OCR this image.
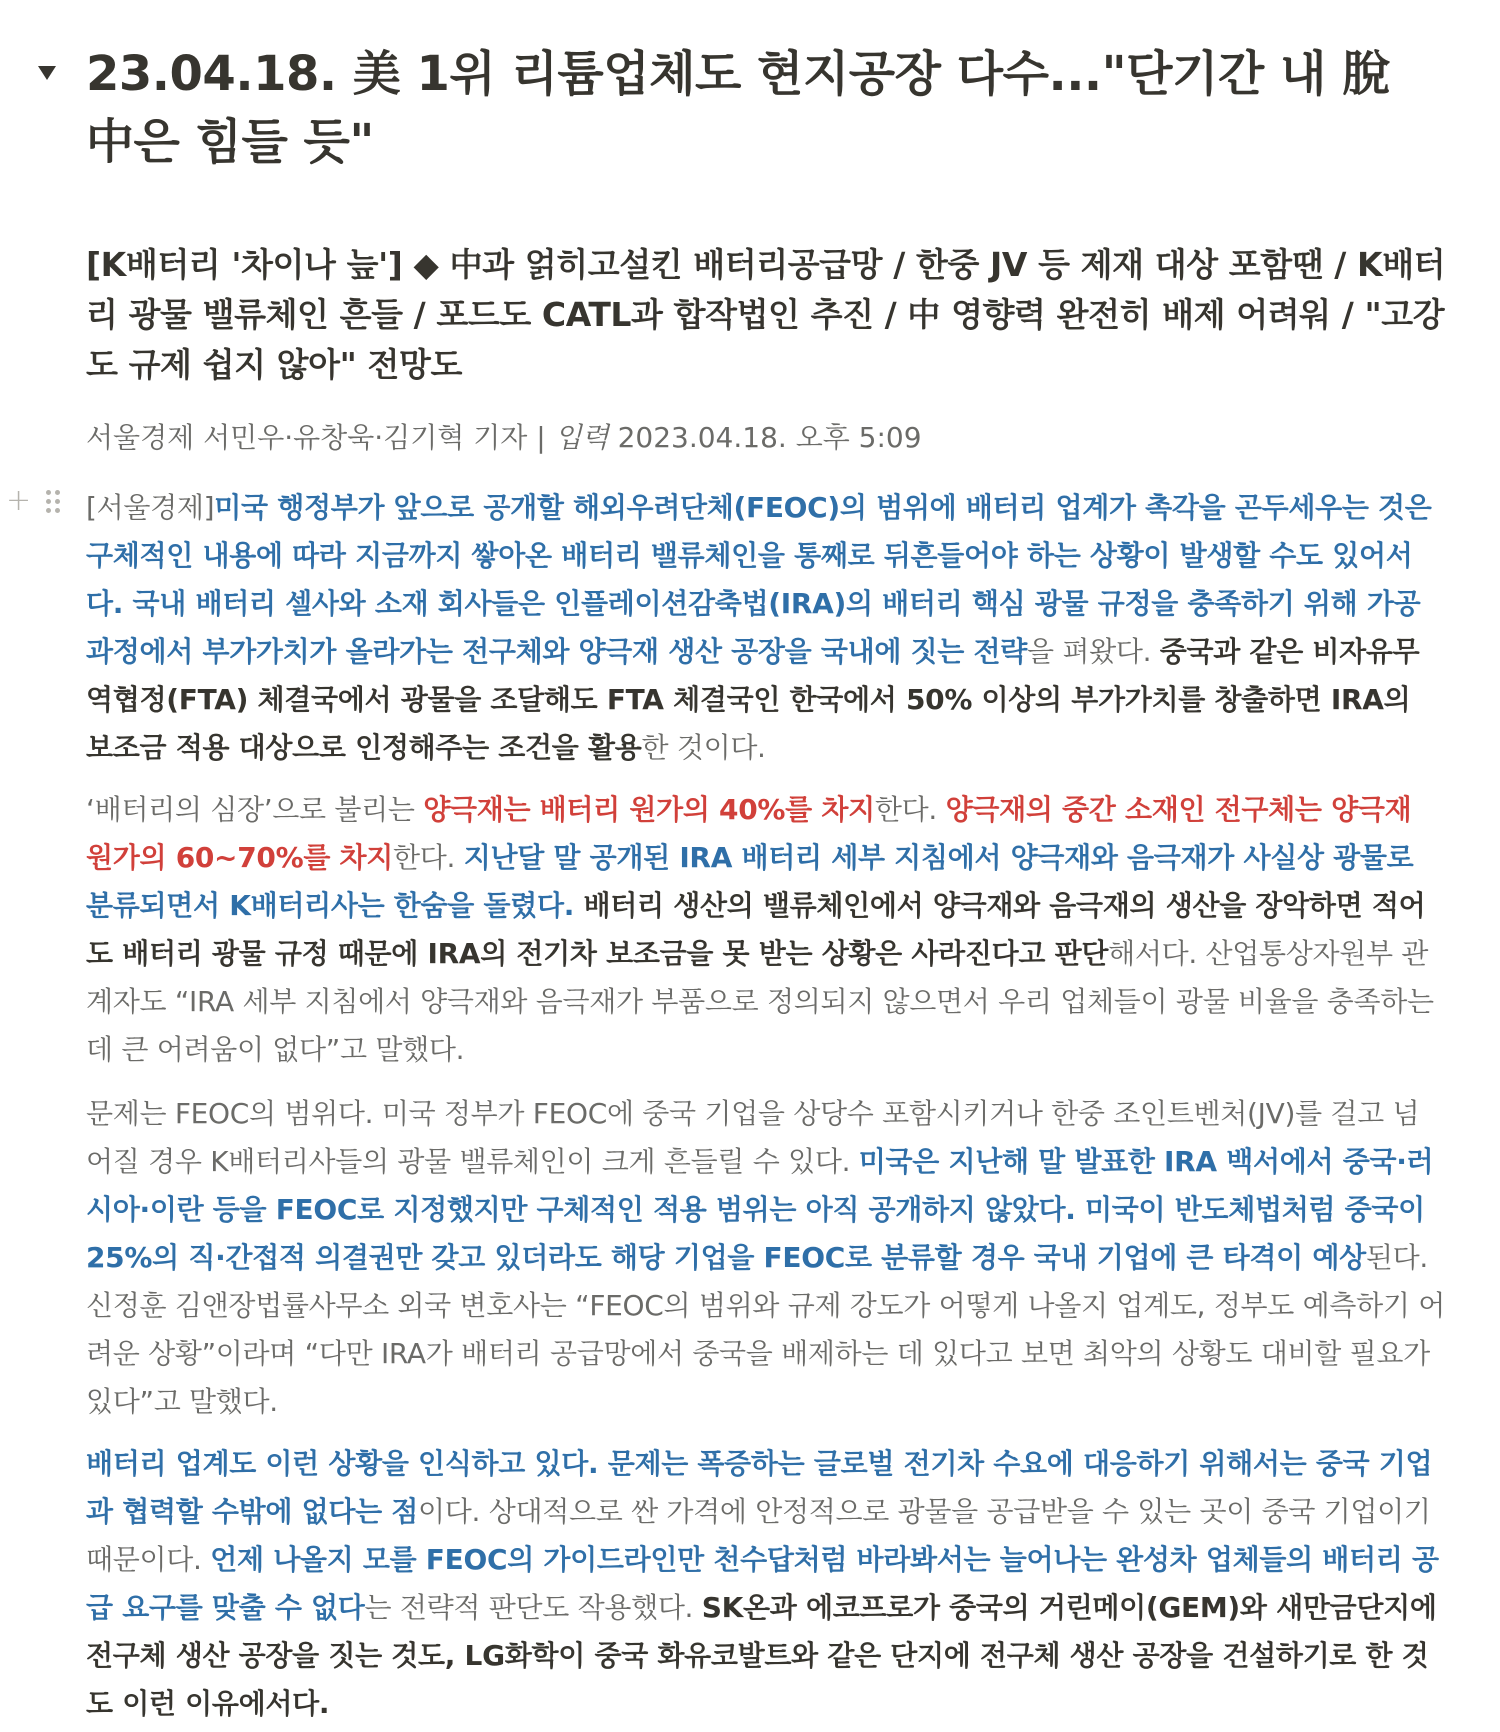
23.04.18. 美 1위 리튬업체도 현지공장 다수..."단기간 내 脫中은 힘들 듯"
[K배터리 '차이나 늪'] ◆ 中과 얽히고설킨 배터리공급망 / 한중 JV 등 제재 대상 포함땐 / K배터리 광물 밸류체인 흔들 / 포드도 CATL과 합작법인 추진 / 中 영향력 완전히 배제 어려워 / "고강도 규제 쉽지 않아" 전망도
서울경제 서민우·유창욱·김기혁 기자 | 입력 2023.04.18. 오후 5:09
[서울경제]미국 행정부가 앞으로 공개할 해외우려단체(FEOC)의 범위에 배터리 업계가 촉각을 곤두세우는 것은 구체적인 내용에 따라 지금까지 쌓아온 배터리 밸류체인을 통째로 뒤흔들어야 하는 상황이 발생할 수도 있어서다. 국내 배터리 셀사와 소재 회사들은 인플레이션감축법(IRA)의 배터리 핵심 광물 규정을 충족하기 위해 가공 과정에서 부가가치가 올라가는 전구체와 양극재 생산 공장을 국내에 짓는 전략을 펴왔다. 중국과 같은 비자유무역협정(FTA) 체결국에서 광물을 조달해도 FTA 체결국인 한국에서 50% 이상의 부가가치를 창출하면 IRA의 보조금 적용 대상으로 인정해주는 조건을 활용한 것이다.
‘배터리의 심장’으로 불리는 양극재는 배터리 원가의 40%를 차지한다. 양극재의 중간 소재인 전구체는 양극재 원가의 60~70%를 차지한다. 지난달 말 공개된 IRA 배터리 세부 지침에서 양극재와 음극재가 사실상 광물로 분류되면서 K배터리사는 한숨을 돌렸다. 배터리 생산의 밸류체인에서 양극재와 음극재의 생산을 장악하면 적어도 배터리 광물 규정 때문에 IRA의 전기차 보조금을 못 받는 상황은 사라진다고 판단해서다. 산업통상자원부 관계자도 “IRA 세부 지침에서 양극재와 음극재가 부품으로 정의되지 않으면서 우리 업체들이 광물 비율을 충족하는 데 큰 어려움이 없다”고 말했다.
문제는 FEOC의 범위다. 미국 정부가 FEOC에 중국 기업을 상당수 포함시키거나 한중 조인트벤처(JV)를 걸고 넘어질 경우 K배터리사들의 광물 밸류체인이 크게 흔들릴 수 있다. 미국은 지난해 말 발표한 IRA 백서에서 중국·러시아·이란 등을 FEOC로 지정했지만 구체적인 적용 범위는 아직 공개하지 않았다. 미국이 반도체법처럼 중국이 25%의 직·간접적 의결권만 갖고 있더라도 해당 기업을 FEOC로 분류할 경우 국내 기업에 큰 타격이 예상된다. 신정훈 김앤장법률사무소 외국 변호사는 “FEOC의 범위와 규제 강도가 어떻게 나올지 업계도, 정부도 예측하기 어려운 상황”이라며 “다만 IRA가 배터리 공급망에서 중국을 배제하는 데 있다고 보면 최악의 상황도 대비할 필요가 있다”고 말했다.
배터리 업계도 이런 상황을 인식하고 있다. 문제는 폭증하는 글로벌 전기차 수요에 대응하기 위해서는 중국 기업과 협력할 수밖에 없다는 점이다. 상대적으로 싼 가격에 안정적으로 광물을 공급받을 수 있는 곳이 중국 기업이기 때문이다. 언제 나올지 모를 FEOC의 가이드라인만 천수답처럼 바라봐서는 늘어나는 완성차 업체들의 배터리 공급 요구를 맞출 수 없다는 전략적 판단도 작용했다. SK온과 에코프로가 중국의 거린메이(GEM)와 새만금단지에 전구체 생산 공장을 짓는 것도, LG화학이 중국 화유코발트와 같은 단지에 전구체 생산 공장을 건설하기로 한 것도 이런 이유에서다.
+
